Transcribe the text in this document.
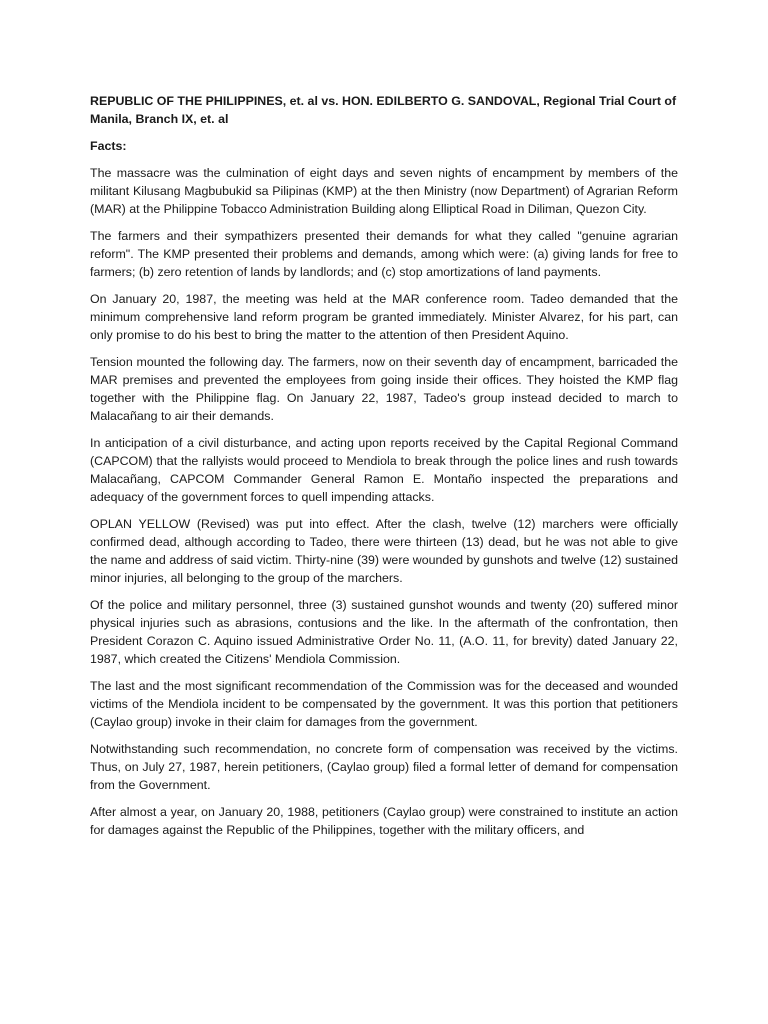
REPUBLIC OF THE PHILIPPINES, et. al vs. HON. EDILBERTO G. SANDOVAL, Regional Trial Court of Manila, Branch IX, et. al

Facts:

The massacre was the culmination of eight days and seven nights of encampment by members of the militant Kilusang Magbubukid sa Pilipinas (KMP) at the then Ministry (now Department) of Agrarian Reform (MAR) at the Philippine Tobacco Administration Building along Elliptical Road in Diliman, Quezon City.

The farmers and their sympathizers presented their demands for what they called "genuine agrarian reform". The KMP presented their problems and demands, among which were: (a) giving lands for free to farmers; (b) zero retention of lands by landlords; and (c) stop amortizations of land payments.

On January 20, 1987, the meeting was held at the MAR conference room. Tadeo demanded that the minimum comprehensive land reform program be granted immediately. Minister Alvarez, for his part, can only promise to do his best to bring the matter to the attention of then President Aquino.

Tension mounted the following day. The farmers, now on their seventh day of encampment, barricaded the MAR premises and prevented the employees from going inside their offices. They hoisted the KMP flag together with the Philippine flag. On January 22, 1987, Tadeo's group instead decided to march to Malacañang to air their demands.

In anticipation of a civil disturbance, and acting upon reports received by the Capital Regional Command (CAPCOM) that the rallyists would proceed to Mendiola to break through the police lines and rush towards Malacañang, CAPCOM Commander General Ramon E. Montaño inspected the preparations and adequacy of the government forces to quell impending attacks.

OPLAN YELLOW (Revised) was put into effect. After the clash, twelve (12) marchers were officially confirmed dead, although according to Tadeo, there were thirteen (13) dead, but he was not able to give the name and address of said victim. Thirty-nine (39) were wounded by gunshots and twelve (12) sustained minor injuries, all belonging to the group of the marchers.

Of the police and military personnel, three (3) sustained gunshot wounds and twenty (20) suffered minor physical injuries such as abrasions, contusions and the like. In the aftermath of the confrontation, then President Corazon C. Aquino issued Administrative Order No. 11, (A.O. 11, for brevity) dated January 22, 1987, which created the Citizens' Mendiola Commission.

The last and the most significant recommendation of the Commission was for the deceased and wounded victims of the Mendiola incident to be compensated by the government. It was this portion that petitioners (Caylao group) invoke in their claim for damages from the government.

Notwithstanding such recommendation, no concrete form of compensation was received by the victims. Thus, on July 27, 1987, herein petitioners, (Caylao group) filed a formal letter of demand for compensation from the Government.

After almost a year, on January 20, 1988, petitioners (Caylao group) were constrained to institute an action for damages against the Republic of the Philippines, together with the military officers, and
